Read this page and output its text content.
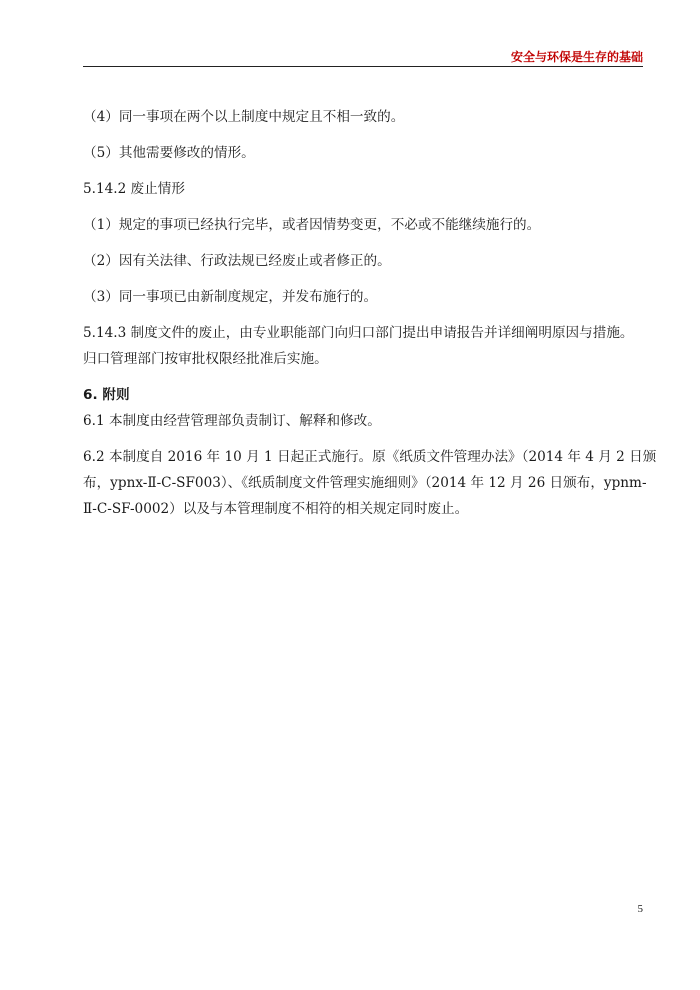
安全与环保是生存的基础
（4）同一事项在两个以上制度中规定且不相一致的。
（5）其他需要修改的情形。
5.14.2 废止情形
（1）规定的事项已经执行完毕，或者因情势变更，不必或不能继续施行的。
（2）因有关法律、行政法规已经废止或者修正的。
（3）同一事项已由新制度规定，并发布施行的。
5.14.3 制度文件的废止，由专业职能部门向归口部门提出申请报告并详细阐明原因与措施。
归口管理部门按审批权限经批准后实施。
6. 附则
6.1 本制度由经营管理部负责制订、解释和修改。
6.2 本制度自 2016 年 10 月 1 日起正式施行。原《纸质文件管理办法》（2014 年 4 月 2 日颁
布，ypnx-Ⅱ-C-SF003）、《纸质制度文件管理实施细则》（2014 年 12 月 26 日颁布，ypnm-
Ⅱ-C-SF-0002）以及与本管理制度不相符的相关规定同时废止。
5
